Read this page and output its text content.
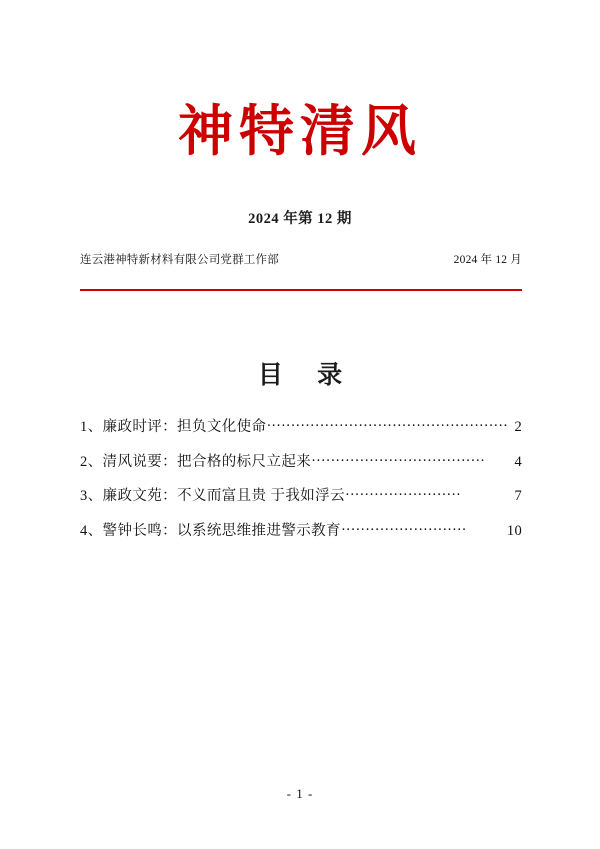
神特清风
2024 年第 12 期
连云港神特新材料有限公司党群工作部	2024 年 12 月
目 录
1、廉政时评：担负文化使命 ·················································· 2
2、清风说要：把合格的标尺立起来 ····································	4
3、廉政文苑：不义而富且贵 于我如浮云 ························	7
4、警钟长鸣：以系统思维推进警示教育 ··························	10
- 1 -
